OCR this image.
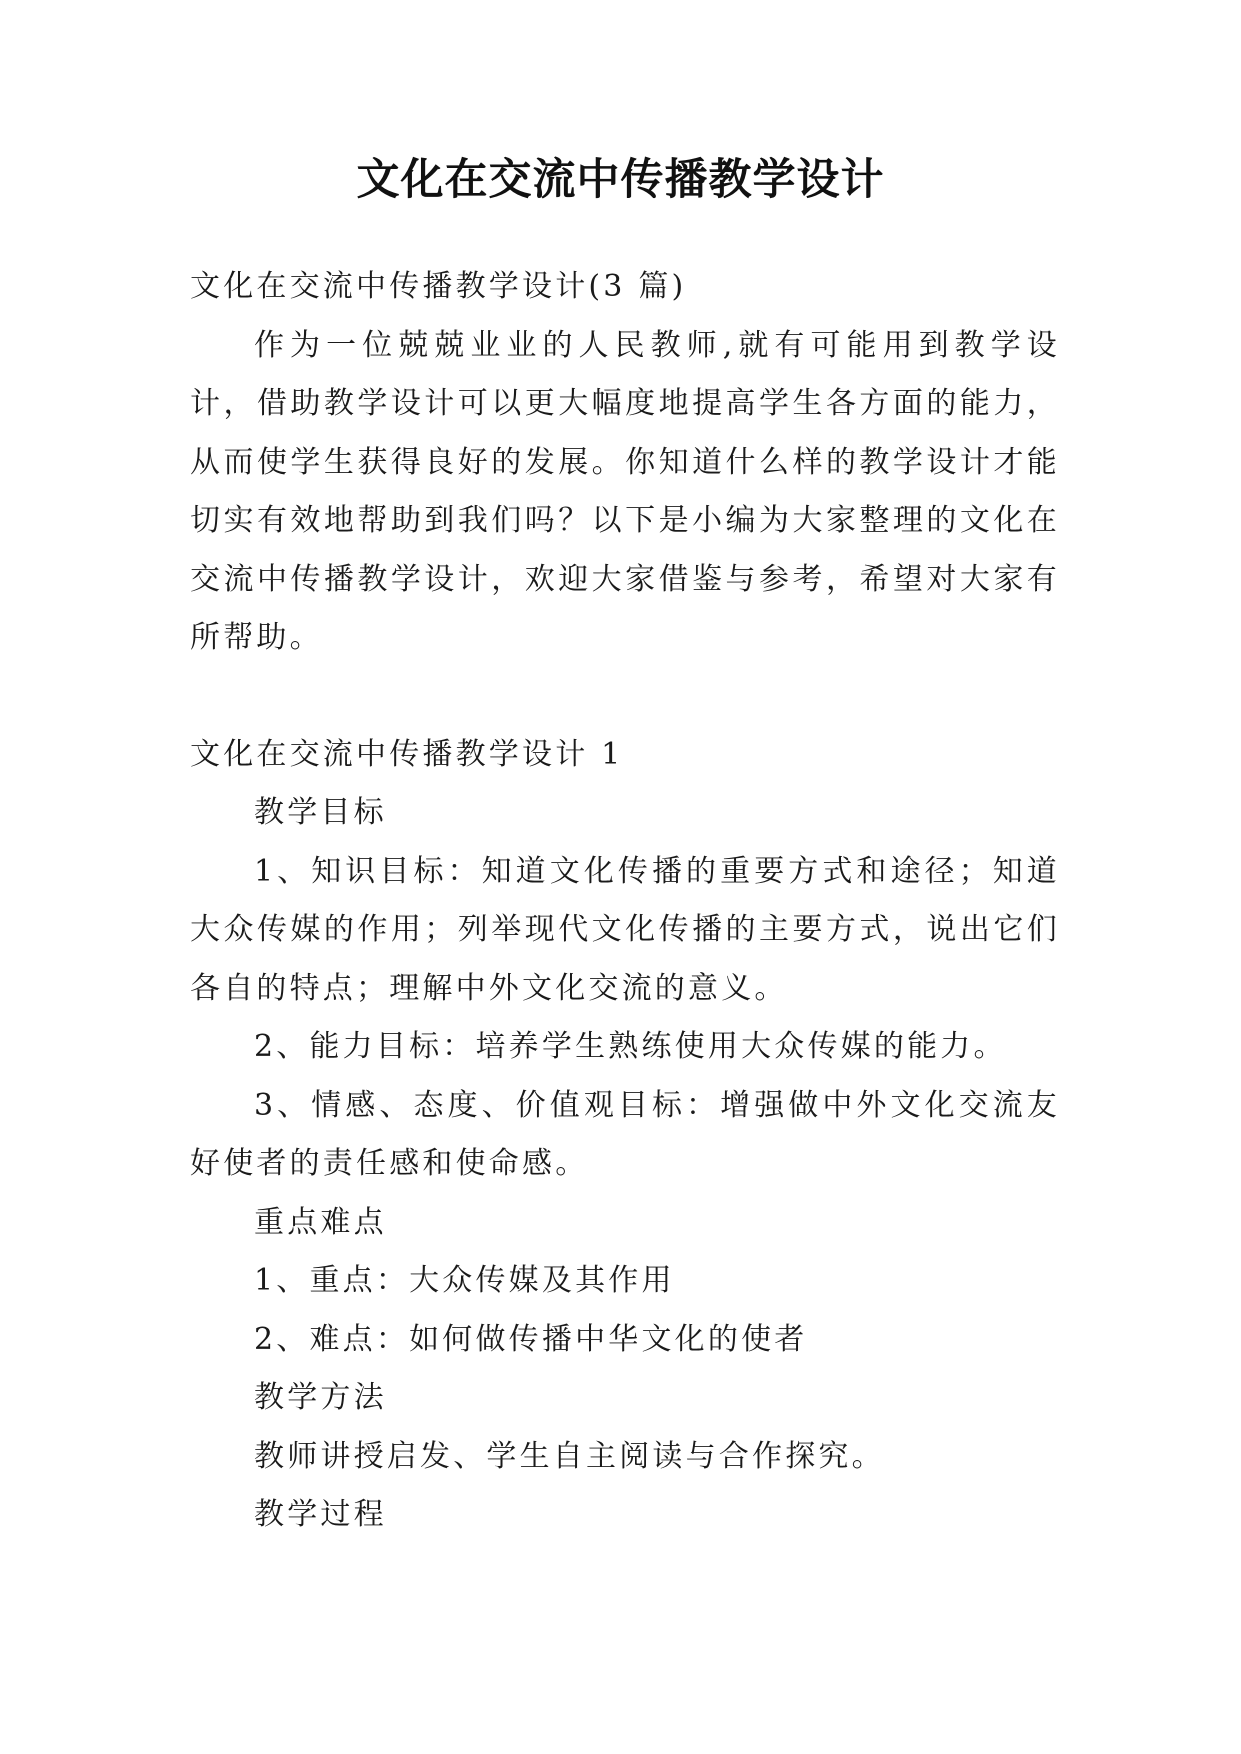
文化在交流中传播教学设计

文化在交流中传播教学设计(3 篇)

作为一位兢兢业业的人民教师,就有可能用到教学设计，借助教学设计可以更大幅度地提高学生各方面的能力，从而使学生获得良好的发展。你知道什么样的教学设计才能切实有效地帮助到我们吗？以下是小编为大家整理的文化在交流中传播教学设计，欢迎大家借鉴与参考，希望对大家有所帮助。

文化在交流中传播教学设计 1

教学目标

1、知识目标：知道文化传播的重要方式和途径；知道大众传媒的作用；列举现代文化传播的主要方式，说出它们各自的特点；理解中外文化交流的意义。

2、能力目标：培养学生熟练使用大众传媒的能力。

3、情感、态度、价值观目标：增强做中外文化交流友好使者的责任感和使命感。

重点难点

1、重点：大众传媒及其作用

2、难点：如何做传播中华文化的使者

教学方法

教师讲授启发、学生自主阅读与合作探究。

教学过程
